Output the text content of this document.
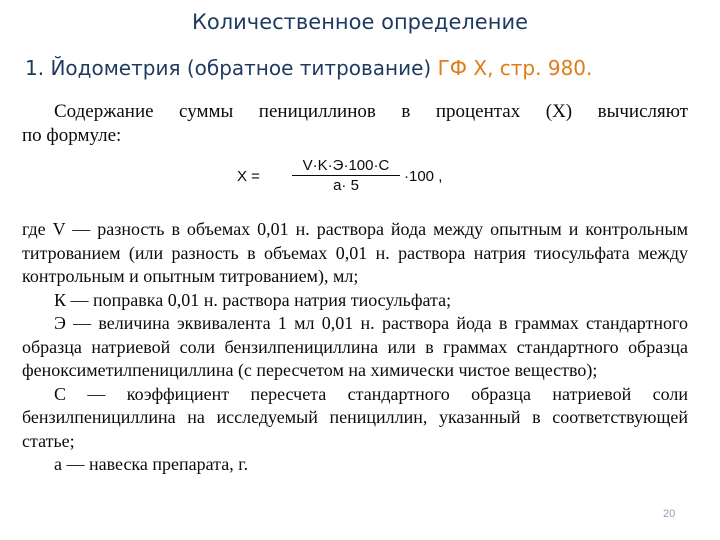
Количественное определение
1. Йодометрия (обратное титрование) ГФ Х, стр. 980.
Содержание суммы пенициллинов в процентах (Х) вычисляют
по формуле:
X =
V·K·Э·100·C
a· 5
·100 ,

где V — разность в объемах 0,01 н. раствора йода между опытным и контрольным титрованием (или разность в объемах 0,01 н. раствора натрия тиосульфата между контрольным и опытным титрованием), мл;

К — поправка 0,01 н. раствора натрия тиосульфата;

Э — величина эквивалента 1 мл 0,01 н. раствора йода в граммах стандартного образца натриевой соли бензилпенициллина или в граммах стандартного образца феноксиметилпенициллина (с пересчетом на химически чистое вещество);

С — коэффициент пересчета стандартного образца натриевой соли бензилпенициллина на исследуемый пенициллин, указанный в соответствующей статье;

a — навеска препарата, г.

20
